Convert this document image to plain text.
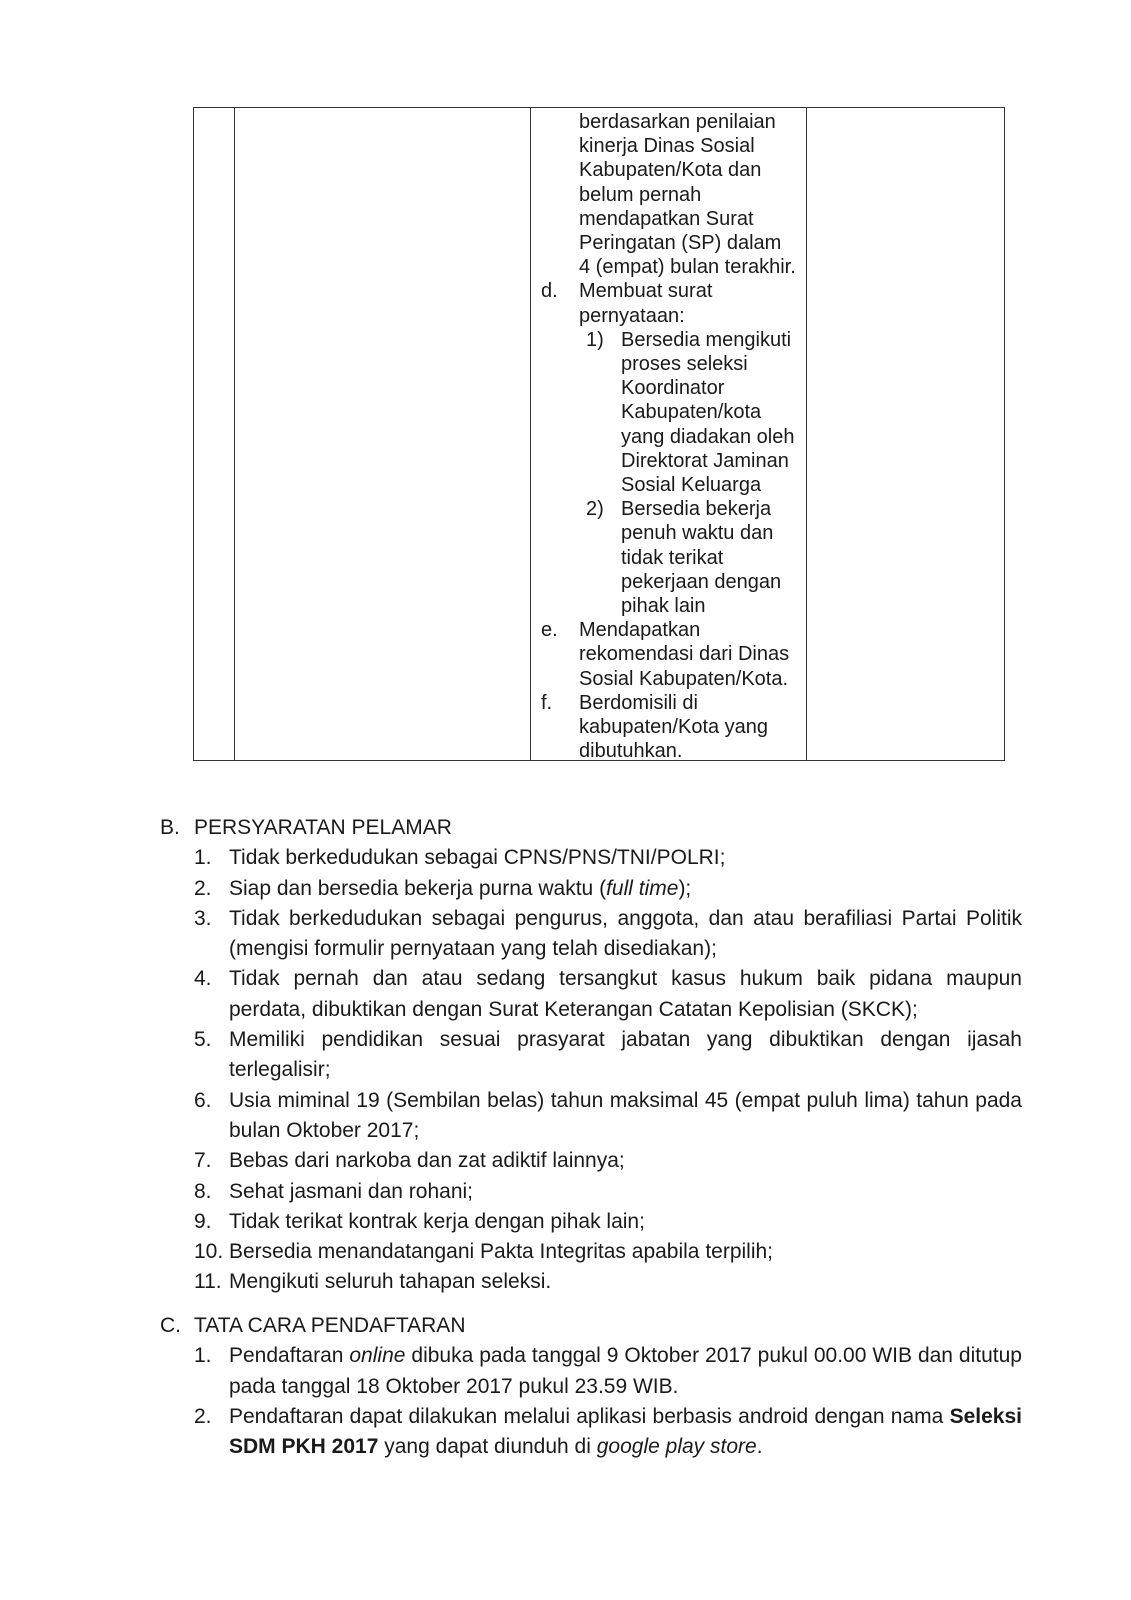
berdasarkan penilaian
kinerja Dinas Sosial
Kabupaten/Kota dan
belum pernah
mendapatkan Surat
Peringatan (SP) dalam
4 (empat) bulan terakhir.
d.	Membuat surat
pernyataan:
1) Bersedia mengikuti
proses seleksi
Koordinator
Kabupaten/kota
yang diadakan oleh
Direktorat Jaminan
Sosial Keluarga
2) Bersedia bekerja
penuh waktu dan
tidak terikat
pekerjaan dengan
pihak lain
e.	Mendapatkan
rekomendasi dari Dinas
Sosial Kabupaten/Kota.
f.	Berdomisili di
kabupaten/Kota yang
dibutuhkan.
B. PERSYARATAN PELAMAR
1. Tidak berkedudukan sebagai CPNS/PNS/TNI/POLRI;
2. Siap dan bersedia bekerja purna waktu (full time);
3. Tidak berkedudukan sebagai pengurus, anggota, dan atau berafiliasi Partai Politik (mengisi formulir pernyataan yang telah disediakan);
4. Tidak pernah dan atau sedang tersangkut kasus hukum baik pidana maupun perdata, dibuktikan dengan Surat Keterangan Catatan Kepolisian (SKCK);
5. Memiliki pendidikan sesuai prasyarat jabatan yang dibuktikan dengan ijasah terlegalisir;
6. Usia miminal 19 (Sembilan belas) tahun maksimal 45 (empat puluh lima) tahun pada bulan Oktober 2017;
7. Bebas dari narkoba dan zat adiktif lainnya;
8. Sehat jasmani dan rohani;
9. Tidak terikat kontrak kerja dengan pihak lain;
10. Bersedia menandatangani Pakta Integritas apabila terpilih;
11. Mengikuti seluruh tahapan seleksi.
C. TATA CARA PENDAFTARAN
1. Pendaftaran online dibuka pada tanggal 9 Oktober 2017 pukul 00.00 WIB dan ditutup pada tanggal 18 Oktober 2017 pukul 23.59 WIB.
2. Pendaftaran dapat dilakukan melalui aplikasi berbasis android dengan nama Seleksi SDM PKH 2017 yang dapat diunduh di google play store.
